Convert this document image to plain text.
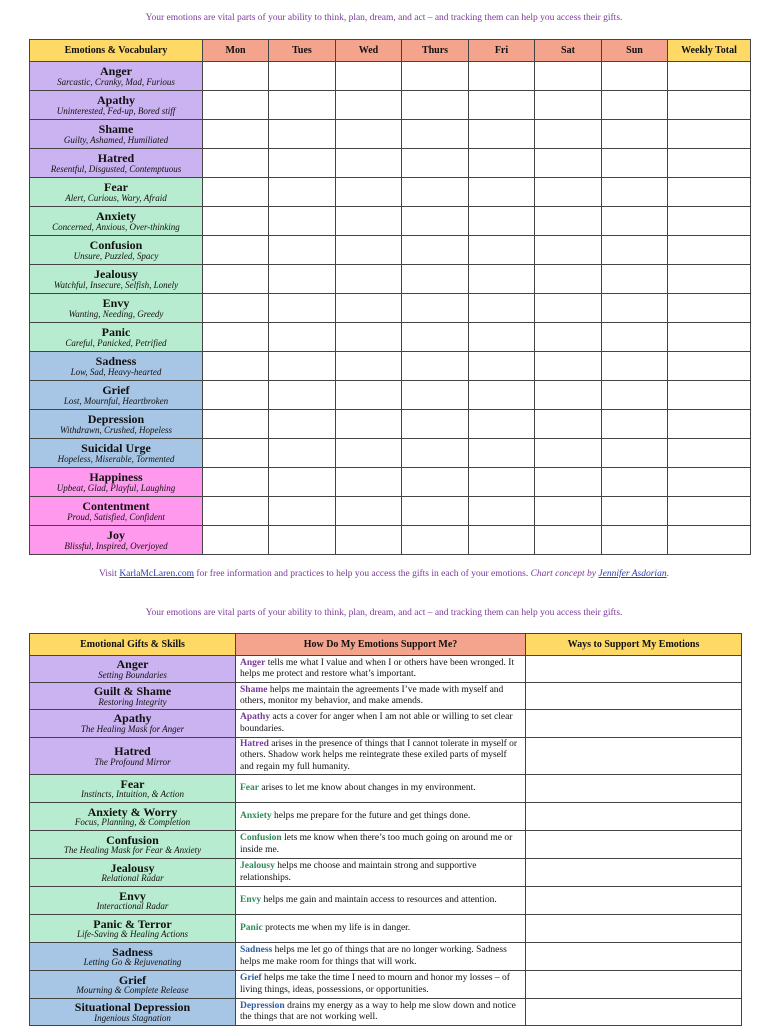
Your emotions are vital parts of your ability to think, plan, dream, and act – and tracking them can help you access their gifts.
Emotions & Vocabulary	Mon	Tues	Wed	Thurs	Fri	Sat	Sun	Weekly Total

Anger
Sarcastic, Cranky, Mad, Furious								

Apathy
Uninterested, Fed-up, Bored stiff								

Shame
Guilty, Ashamed, Humiliated								

Hatred
Resentful, Disgusted, Contemptuous								

Fear
Alert, Curious, Wary, Afraid								

Anxiety
Concerned, Anxious, Over-thinking								

Confusion
Unsure, Puzzled, Spacy								

Jealousy
Watchful, Insecure, Selfish, Lonely								

Envy
Wanting, Needing, Greedy								

Panic
Careful, Panicked, Petrified								

Sadness
Low, Sad, Heavy-hearted								

Grief
Lost, Mournful, Heartbroken								

Depression
Withdrawn, Crushed, Hopeless								

Suicidal Urge
Hopeless, Miserable, Tormented								

Happiness
Upbeat, Glad, Playful, Laughing								

Contentment
Proud, Satisfied, Confident								

Joy
Blissful, Inspired, Overjoyed								

Visit KarlaMcLaren.com for free information and practices to help you access the gifts in each of your emotions. Chart concept by Jennifer Asdorian.
Your emotions are vital parts of your ability to think, plan, dream, and act – and tracking them can help you access their gifts.
Emotional Gifts & Skills	How Do My Emotions Support Me?	Ways to Support My Emotions

Anger
Setting Boundaries	Anger tells me what I value and when I or others have been wronged. It helps me protect and restore what’s important.	

Guilt & Shame
Restoring Integrity	Shame helps me maintain the agreements I’ve made with myself and others, monitor my behavior, and make amends.	

Apathy
The Healing Mask for Anger	Apathy acts a cover for anger when I am not able or willing to set clear boundaries.	

Hatred
The Profound Mirror	Hatred arises in the presence of things that I cannot tolerate in myself or others. Shadow work helps me reintegrate these exiled parts of myself and regain my full humanity.	

Fear
Instincts, Intuition, & Action	Fear arises to let me know about changes in my environment.	

Anxiety & Worry
Focus, Planning, & Completion	Anxiety helps me prepare for the future and get things done.	

Confusion
The Healing Mask for Fear & Anxiety	Confusion lets me know when there’s too much going on around me or inside me.	

Jealousy
Relational Radar	Jealousy helps me choose and maintain strong and supportive relationships.	

Envy
Interactional Radar	Envy helps me gain and maintain access to resources and attention.	

Panic & Terror
Life-Saving & Healing Actions	Panic protects me when my life is in danger.	

Sadness
Letting Go & Rejuvenating	Sadness helps me let go of things that are no longer working. Sadness helps me make room for things that will work.	

Grief
Mourning & Complete Release	Grief helps me take the time I need to mourn and honor my losses – of living things, ideas, possessions, or opportunities.	

Situational Depression
Ingenious Stagnation	Depression drains my energy as a way to help me slow down and notice the things that are not working well.	
